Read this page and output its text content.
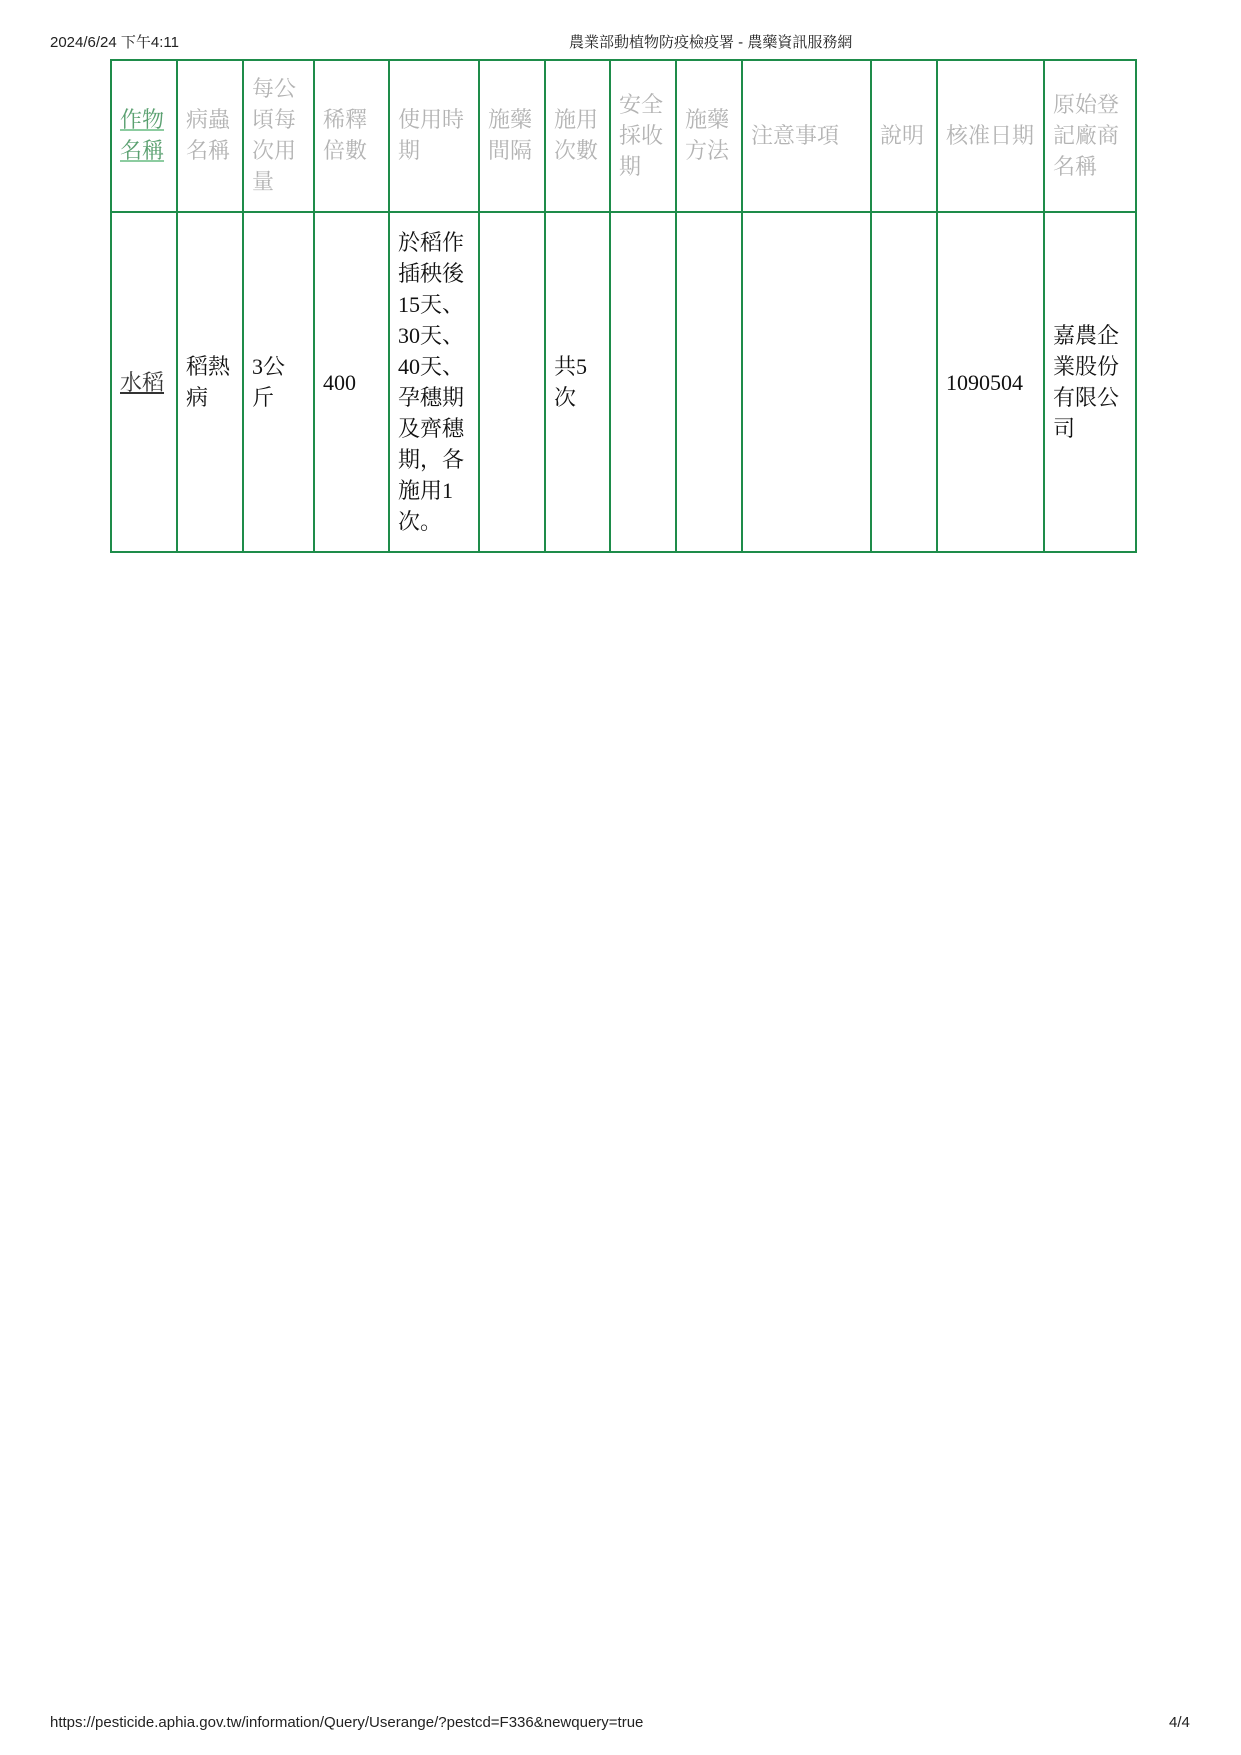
2024/6/24 下午4:11	農業部動植物防疫檢疫署 - 農藥資訊服務網
作物名稱	病蟲名稱	每公頃每次用量	稀釋倍數	使用時期	施藥間隔	施用次數	安全採收期	施藥方法	注意事項	說明	核准日期	原始登記廠商名稱
水稻	稻熱病	3公斤	400	於稻作插秧後15天、30天、40天、孕穗期及齊穗期，各施用1次。		共5次					1090504	嘉農企業股份有限公司
https://pesticide.aphia.gov.tw/information/Query/Userange/?pestcd=F336&newquery=true	4/4
